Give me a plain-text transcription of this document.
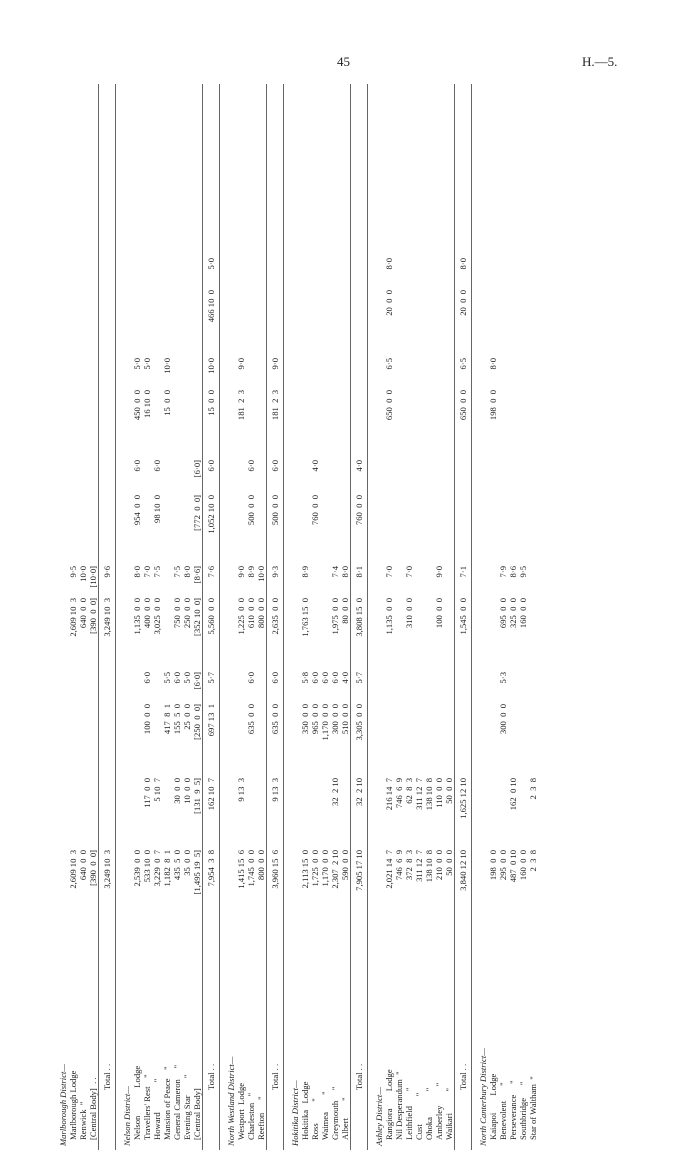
45	H.—5.
Marlborough District— Marlborough Lodge
2,609 10  3
2,609 10  3
9·5
Renwick  "
640  0  0
640  0  0
10·0
[Central Body]  . .
[390  0  0]
[390  0  0]
[10·0]
Total . .
3,249 10  3
3,249 10  3
9·6
Nelson District— Nelson             Lodge
2,539  0  0
1,135  0  0
8·0
954  0  0
6·0
450  0  0
5·0
Travellers' Rest    "
533 10  0
117  0  0
100  0  0
6·0
400  0  0
7·0
16 10  0
5·0
Howard              "
3,229  0  7
5 10  7
3,025  0  0
7·5
98 10  0
6·0
Mansion of Peace    "
1,182  8  1
417  8  1
5·5
15  0  0
10·0
General Cameron     "
435  5  0
30  0  0
155  5  0
6·0
750  0  0
7·5
Evening Star        "
35  0  0
10  0  0
25  0  0
5·0
250  0  0
8·0
[Central Body]
[1,495 19  5]
[131  9  5]
[250  0  0]
[6·0]
[352 10  0]
[8·6]
[772  0  0]
[6·0]
Total . .
7,954  3  8
162 10  7
697 13  1
5·7
5,560  0  0
7·6
1,052 10  0
6·0
15  0  0
10·0
466 10  0
5·0
North Westland District— Westport  Lodge
1,415 15  6
9 13  3
1,225  0  0
9·0
181  2  3
9·0
Charleston   "
1,745  0  0
635  0  0
6·0
610  0  0
8·9
500  0  0
6·0
Reefton      "
800  0  0
800  0  0
10·0
Total . .
3,960 15  6
9 13  3
635  0  0
6·0
2,635  0  0
9·3
500  0  0
6·0
181  2  3
9·0
Hokitika District— Hokitika   Lodge
2,113 15  0
350  0  0
5·8
1,763 15  0
8·9
Ross          "
1,725  0  0
965  0  0
6·0
760  0  0
4·0
Waimea        "
1,170  0  0
1,170  0  0
6·0
Greymouth     "
2,307  2 10
32  2 10
300  0  0
6·0
1,975  0  0
7·4
Albert        "
590  0  0
510  0  0
4·0
80  0  0
8·0
Total . .
7,905 17 10
32  2 10
3,305  0  0
5·7
3,808 15  0
8·1
760  0  0
4·0
Ashley District— Rangiora        Lodge
2,021 14  7
216 14  7
1,135  0  0
7·0
650  0  0
6·5
20  0  0
8·0
Nil Desperandum  "
746  6  9
746  6  9
Leithfield       "
372  8  3
62  8  3
310  0  0
7·0
Cust             "
311 12  7
311 12  7
Ohoka            "
138 10  8
138 10  8
Amberley         "
210  0  0
110  0  0
100  0  0
9·0
Waikari          "
50  0  0
50  0  0
Total . .
3,840 12 10
1,625 12 10
1,545  0  0
7·1
650  0  0
6·5
20  0  0
8·0
North Canterbury District— Kaiapoi        Lodge
198  0  0
198  0  0
8·0
Benevolent       "
295  0  0
300  0  0
5·3
695  0  0
7·9
Perseverance     "
487  0 10
162  0 10
325  0  0
8·6
Southbridge      "
160  0  0
160  0  0
9·5
Star of Waltham  "
2  3  8
2  3  8
